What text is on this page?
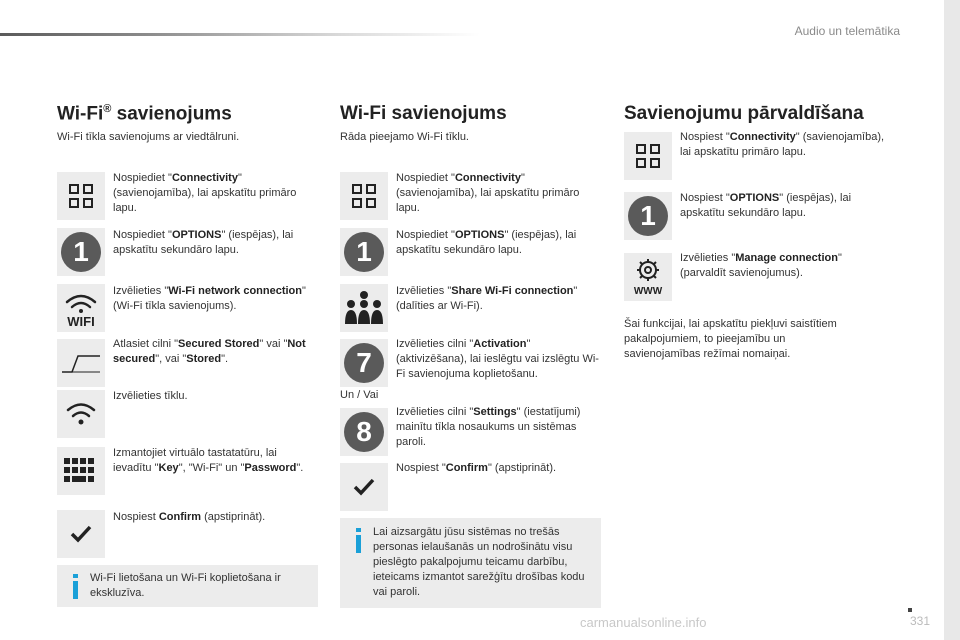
Audio un telemātika
Wi-Fi® savienojums
Wi-Fi tīkla savienojums ar viedtālruni.
Nospiediet "Connectivity" (savienojamība), lai apskatītu primāro lapu.
1
Nospiediet "OPTIONS" (iespējas), lai apskatītu sekundāro lapu.
WIFI
Izvēlieties "Wi-Fi network connection" (Wi-Fi tīkla savienojums).
Atlasiet cilni "Secured Stored" vai "Not secured", vai "Stored".
Izvēlieties tīklu.
Izmantojiet virtuālo tastatatūru, lai ievadītu "Key", "Wi-Fi" un "Password".
Nospiest Confirm (apstiprināt).
Wi-Fi lietošana un Wi-Fi koplietošana ir ekskluzīva.
Wi-Fi savienojums
Rāda pieejamo Wi-Fi tīklu.
Nospiediet "Connectivity" (savienojamība), lai apskatītu primāro lapu.
1
Nospiediet "OPTIONS" (iespējas), lai apskatītu sekundāro lapu.
Izvēlieties "Share Wi-Fi connection" (dalīties ar Wi-Fi).
7
Izvēlieties cilni "Activation" (aktivizēšana), lai ieslēgtu vai izslēgtu Wi-Fi savienojuma koplietošanu.
Un / Vai
8
Izvēlieties cilni "Settings" (iestatījumi) mainītu tīkla nosaukums un sistēmas paroli.
Nospiest "Confirm" (apstiprināt).
Lai aizsargātu jūsu sistēmas no trešās personas ielaušanās un nodrošinātu visu pieslēgto pakalpojumu teicamu darbību, ieteicams izmantot sarežģītu drošības kodu vai paroli.
Savienojumu pārvaldīšana
Nospiest "Connectivity" (savienojamība), lai apskatītu primāro lapu.
1
Nospiest "OPTIONS" (iespējas), lai apskatītu sekundāro lapu.
WWW
Izvēlieties "Manage connection" (parvaldīt savienojumus).
Šai funkcijai, lai apskatītu piekļuvi saistītiem pakalpojumiem, to pieejamību un savienojamības režīmai nomaiņai.
331
carmanualsonline.info
